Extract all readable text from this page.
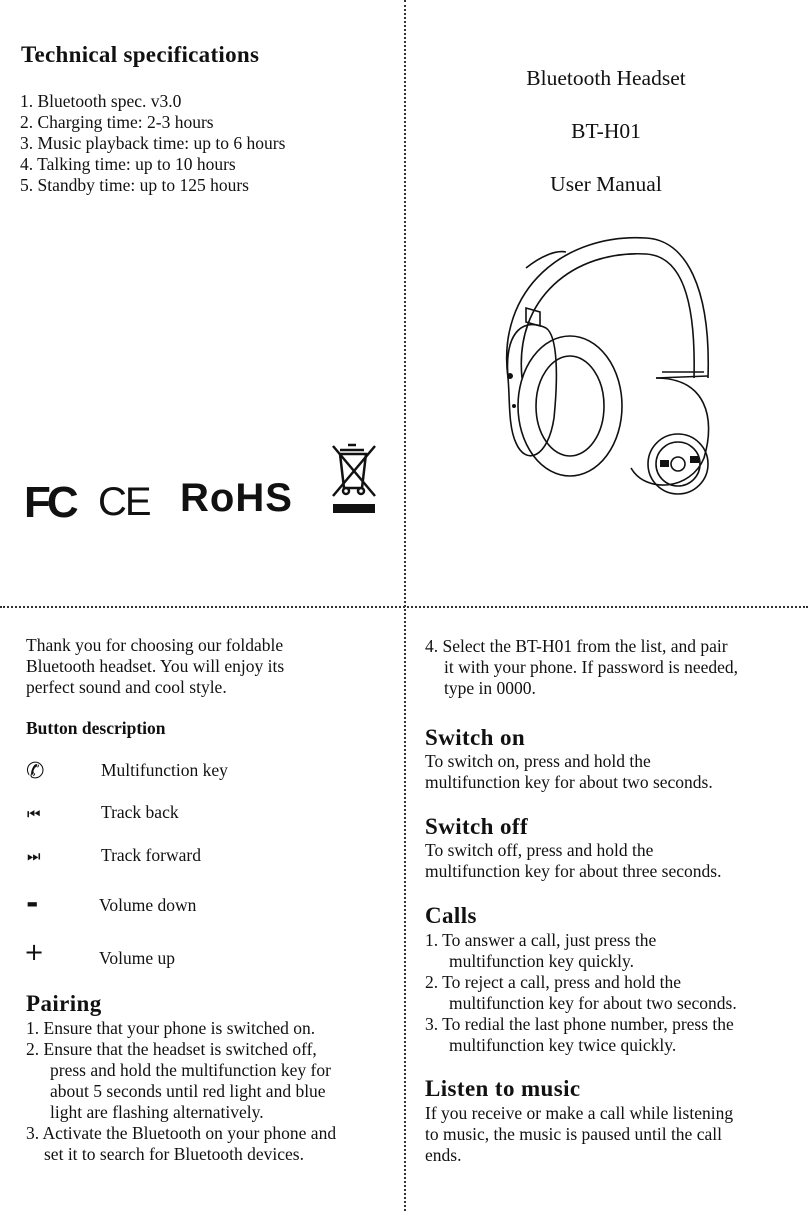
Technical specifications
1. Bluetooth spec. v3.0
2. Charging time: 2-3 hours
3. Music playback time: up to 6 hours
4. Talking time: up to 10 hours
5. Standby time: up to 125 hours
FC CE RoHS

Bluetooth Headset

BT-H01

User Manual

Thank you for choosing our foldable

Bluetooth headset. You will enjoy its

perfect sound and cool style.

Button description
✆	Multifunction key

⏮	Track back

⏭	Track forward

-	Volume down

+	Volume up

Pairing

1. Ensure that your phone is switched on.

2. Ensure that the headset is switched off,

press and hold the multifunction key for

about 5 seconds until red light and blue

light are flashing alternatively.

3. Activate the Bluetooth on your phone and

set it to search for Bluetooth devices.

4. Select the BT-H01 from the list, and pair

it with your phone. If password is needed,

type in 0000.

Switch on

To switch on, press and hold the

multifunction key for about two seconds.

Switch off

To switch off, press and hold the

multifunction key for about three seconds.

Calls

1. To answer a call, just press the

multifunction key quickly.

2. To reject a call, press and hold the

multifunction key for about two seconds.

3. To redial the last phone number, press the

multifunction key twice quickly.

Listen to music

If you receive or make a call while listening

to music, the music is paused until the call

ends.
